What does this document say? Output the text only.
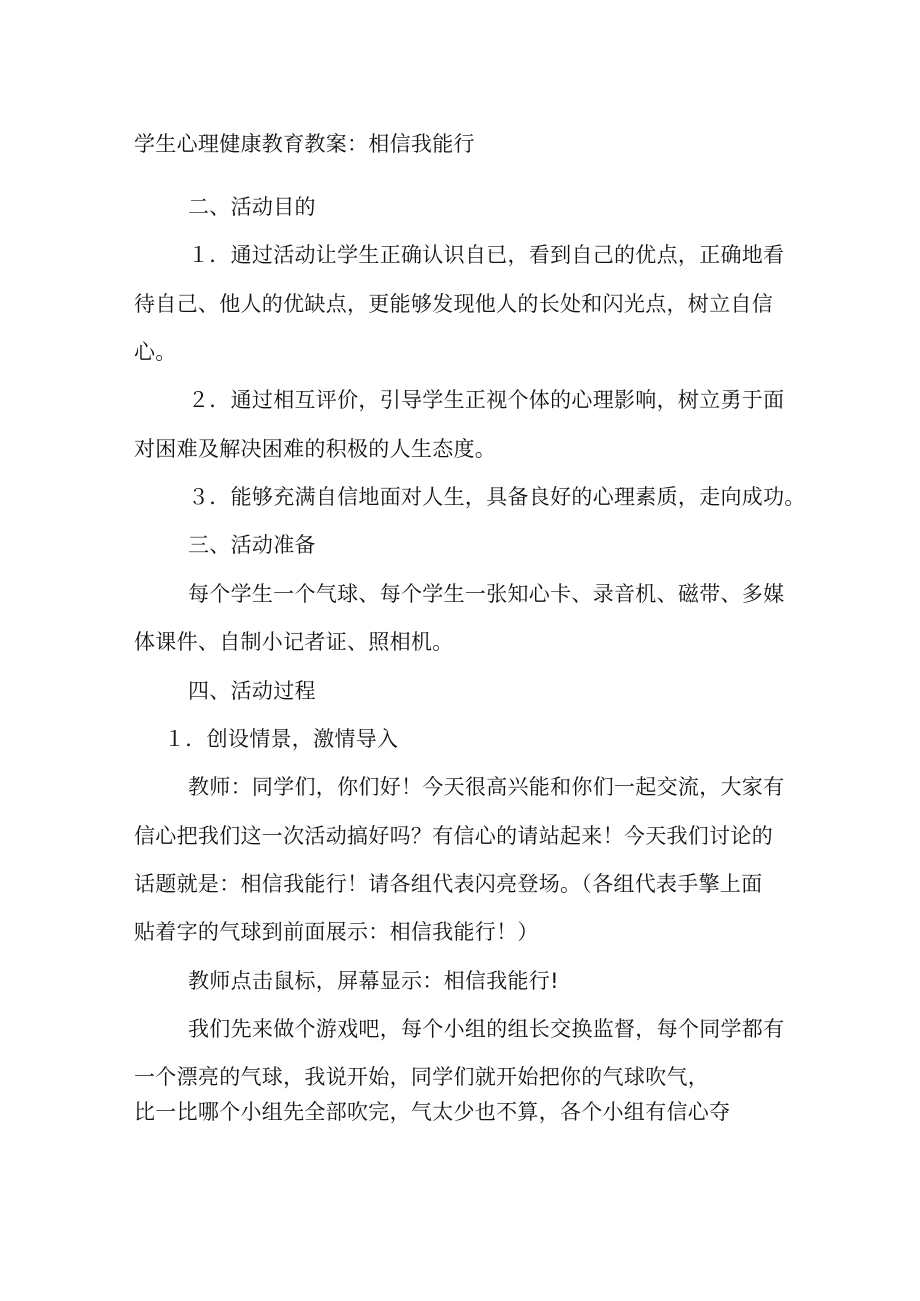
学生心理健康教育教案：相信我能行
二、活动目的
１．通过活动让学生正确认识自已，看到自己的优点，正确地看
待自己、他人的优缺点，更能够发现他人的长处和闪光点，树立自信
心。
２．通过相互评价，引导学生正视个体的心理影响，树立勇于面
对困难及解决困难的积极的人生态度。
３．能够充满自信地面对人生，具备良好的心理素质，走向成功。
三、活动准备
每个学生一个气球、每个学生一张知心卡、录音机、磁带、多媒
体课件、自制小记者证、照相机。
四、活动过程
１．创设情景，激情导入
教师：同学们，你们好！今天很高兴能和你们一起交流，大家有
信心把我们这一次活动搞好吗？有信心的请站起来！今天我们讨论的
话题就是：相信我能行！请各组代表闪亮登场。（各组代表手擎上面
贴着字的气球到前面展示：相信我能行！）
教师点击鼠标，屏幕显示：相信我能行!
我们先来做个游戏吧，每个小组的组长交换监督，每个同学都有
一个漂亮的气球，我说开始，同学们就开始把你的气球吹气，
比一比哪个小组先全部吹完，气太少也不算，各个小组有信心夺
